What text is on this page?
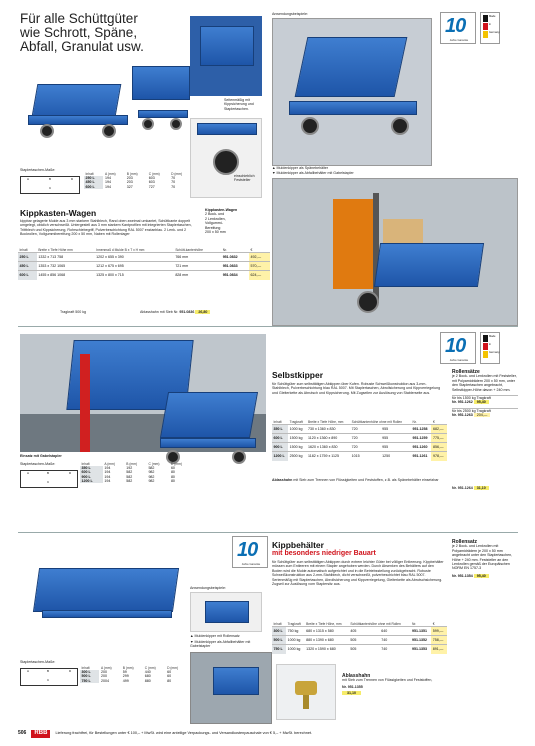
Für alle Schüttgüter
wie Schrott, Späne,
Abfall, Granulat usw.
Seitenmäßig mit Kippsicherung und Staplertaschen.
einschieblich Feststeller
Anwendungsbeispiele:
▲ Muldenkipper als Spänebehälter
▼ Muldenkipper als Abfallbehälter mit Gabelstapler
10
Jahre Garantie
Made
in
Germany
Staplertaschen-Maße:
A	B
C
D
Inhalt	A (mm)	B (mm)	C (mm)	D (mm)
250 L	194	203	603	70
450 L	194	203	603	70
600 L	194	327	727	70
Kippkasten-Wagen
kippbar gelagerte Mulde aus 3 mm starkem Stahlblech, Rand oben zweimal umkantet, Schüttkante doppelt umgelegt, obiclich verschweißt. Untergestell aus 3 mm starkem Kantprofilen mit integrierten Staplertaschen, Trittblech und Kippsicherung, Rohrschiebegriff, Pulverbeschichtung RAL 5007 enzianblau. 2 Lenk- und 2 Bockrollen, Vollgummibereifung 200 x 50 mm, Naben mit Rollenlager
Kippkasten-Wagen
2 Bock- und
2 Lenkrollen,
Vollgummi-
Bereifung
200 x 50 mm
Inhalt	Breite x Tiefe Höhe mm	Innenmaß d Mulde B x T x H mm	Schütt-kantenhöhe	Nr.	€
250 L	1332 x 713 758	1202 x 655 x 390	766 mm	951.0832	492,—
450 L	1353 x 732 1065	1212 x 675 x 695	721 mm	951.0833	570,—
600 L	1455 x 856 1068	1325 x 800 x 715	828 mm	951.0834	624,—
Tragkraft 500 kg	Ablasshahn mit Sieb Nr. 951.0836 26,80
Einsatz mit Gabelstapler
Staplertaschen-Maße:
A	B
C
D
Inhalt	A (mm)	B (mm)	C (mm)	D (mm)
350 L	194	192	582	60
600 L	194	582	982	80
900 L	194	582	982	80
1200 L	194	582	982	80
10
Jahre Garantie
Made
in
Germany
Selbstkipper
für Schüttgüter zum selbsttätigen Abkippen über Kufen. Robuste Schweißkonstruktion aus 3-mm-Stahlblech, Pulverbeschichtung blau RAL 5007. Mit Staplertaschen, Abrollsicherung und Kippverriegelung und Gleiterkette als Abrutsch und Kippsicherung. Mit Zugseilen zur Auslösung von Stablerseite aus.
Inhalt	Tragkraft	Breite x Tiefe Höhe, mm	Schüttkantenhöhe ohne mit Rollen		Nr.	€
350 L	1000 kg	730 x 1360 x 830	720	955	951.1258	682,—
600 L	1500 kg	1120 x 1360 x 890	720	955	951.1259	775,—
900 L	1500 kg	1620 x 1360 x 830	720	955	951.1260	856,—
1200 L	2500 kg	1182 x 1759 x 1125	1015	1250	951.1261	978,—
Ablasshahn mit Sieb zum Trennen von Flüssigkeiten und Feststoffen, z.B. als Spänebehälter einsetzbar
Nr. 951.1264 31,10
Rollensätze
je 2 Bock- und Lenkrollen mit Feststeller, mit Polyamidrädern 200 x 50 mm, unter den Staplertaschen angebracht, Selbstkipper-Höhe davon + 240 mm.
für bis 1500 kg Tragkraft
Nr. 951.1262 95,40
für bis 2500 kg Tragkraft
Nr. 951.1263 204,—
10
Jahre Garantie
Anwendungsbeispiele:
▲ Muldenkipper mit Rollensatz
▼ Muldenkipper als Abfallbehälter mit Gabelstapler
Staplertaschen-Maße:
A	B
C
D
Inhalt	A (mm)	B (mm)	C (mm)	D (mm)
300 L	200	59	440	60
500 L	200	299	680	60
750 L	2004	499	880	80
Kippbehälter
mit besonders niedriger Bauart
für Schüttgüter zum selbsttätigen Abkippen durch extrem leichter Güter bei völliger Entleerung. Kippbehälter müssen zum Entleeren mit einem Stapler angehoben werden. Durch Absenken des Behälters auf den Boden wird die Mulde automatisch aufgerichtet und in die Betriebsstellung zurückgebracht. Robuste Schweißkonstruktion aus 2-mm-Stahlblech, dicht verschweißt, pulverbeschichtet blau RAL 5007. Serienmäßig mit Staplertaschen, Abrollsicherung und Kippverriegelung, Gleiterkette als Abrutschsicherung. Zugseil zur Auslösung vom Staplersitz aus.
Inhalt	Tragkraft	Breite x Tiefe Höhe, mm	Schüttkantenhöhe ohne mit Rollen		Nr.	€
300 L	750 kg	680 x 1315 x 580	405	640	951.1351	599,—
500 L	1000 kg	880 x 1390 x 680	505	740	951.1352	758,—
750 L	1000 kg	1320 x 1590 x 680	505	740	951.1353	891,—
Rollensatz
je 2 Bock- und Lenkrollen mit Polyamidrädern je 200 x 50 mm angebracht unter den Staplertaschen, Höhe + 240 mm. Feststeller an den Lenkrollen gemäß der Europäischen NORM EN 1757-3
Nr. 951.1354 95,40
Ablasshahn
mit Sieb zum Trennen von Flüssigkeiten und Feststoffen,
Nr. 951.1355
31,10
506 RBB Lieferung frachtfrei, für Bestellungen unter € 100,– + MwSt. wird eine anteilige Verpackungs- und Versandkostenpauschale von € 5,– + MwSt. berechnet.
